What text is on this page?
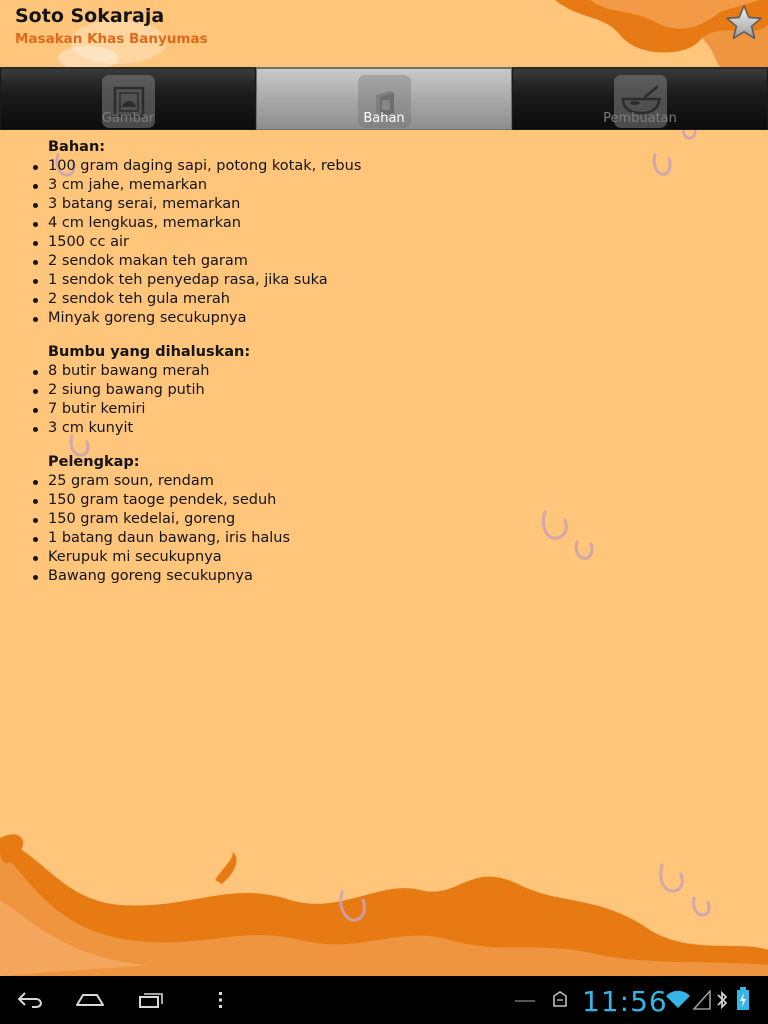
Soto Sokaraja
Masakan Khas Banyumas
Gambar	Bahan	Pembuatan
Bahan:
100 gram daging sapi, potong kotak, rebus
3 cm jahe, memarkan
3 batang serai, memarkan
4 cm lengkuas, memarkan
1500 cc air
2 sendok makan teh garam
1 sendok teh penyedap rasa, jika suka
2 sendok teh gula merah
Minyak goreng secukupnya
Bumbu yang dihaluskan:
8 butir bawang merah
2 siung bawang putih
7 butir kemiri
3 cm kunyit
Pelengkap:
25 gram soun, rendam
150 gram taoge pendek, seduh
150 gram kedelai, goreng
1 batang daun bawang, iris halus
Kerupuk mi secukupnya
Bawang goreng secukupnya
11:56
